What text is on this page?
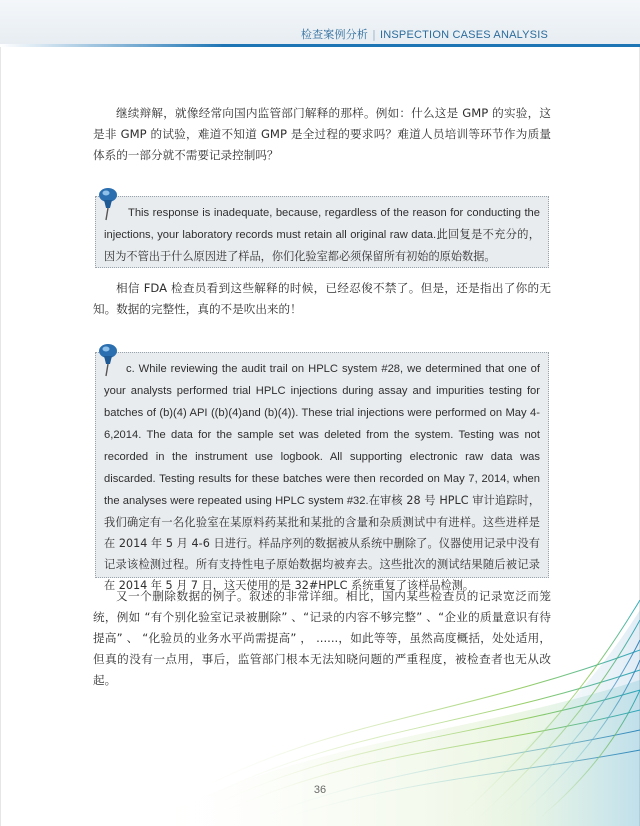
检查案例分析 | INSPECTION CASES ANALYSIS

继续辩解，就像经常向国内监管部门解释的那样。例如：什么这是 GMP 的实验，这是非 GMP 的试验，难道不知道 GMP 是全过程的要求吗？难道人员培训等环节作为质量体系的一部分就不需要记录控制吗？

This response is inadequate, because, regardless of the reason for conducting the injections, your laboratory records must retain all original raw data.此回复是不充分的，因为不管出于什么原因进了样品，你们化验室都必须保留所有初始的原始数据。

相信 FDA 检查员看到这些解释的时候，已经忍俊不禁了。但是，还是指出了你的无知。数据的完整性，真的不是吹出来的！

c. While reviewing the audit trail on HPLC system #28, we determined that one of your analysts performed trial HPLC injections during assay and impurities testing for batches of (b)(4) API ((b)(4)and (b)(4)). These trial injections were performed on May 4-6,2014. The data for the sample set was deleted from the system. Testing was not recorded in the instrument use logbook. All supporting electronic raw data was discarded. Testing results for these batches were then recorded on May 7, 2014, when the analyses were repeated using HPLC system #32.在审核 28 号 HPLC 审计追踪时，我们确定有一名化验室在某原料药某批和某批的含量和杂质测试中有进样。这些进样是在 2014 年 5 月 4-6 日进行。样品序列的数据被从系统中删除了。仪器使用记录中没有记录该检测过程。所有支持性电子原始数据均被弃去。这些批次的测试结果随后被记录在 2014 年 5 月 7 日，这天使用的是 32#HPLC 系统重复了该样品检测。

又一个删除数据的例子。叙述的非常详细。相比，国内某些检查员的记录宽泛而笼统，例如 “有个别化验室记录被删除” 、“记录的内容不够完整” 、“企业的质量意识有待提高” 、 “化验员的业务水平尚需提高” ， ......，如此等等，虽然高度概括，处处适用，但真的没有一点用，事后，监管部门根本无法知晓问题的严重程度，被检查者也无从改起。

36
